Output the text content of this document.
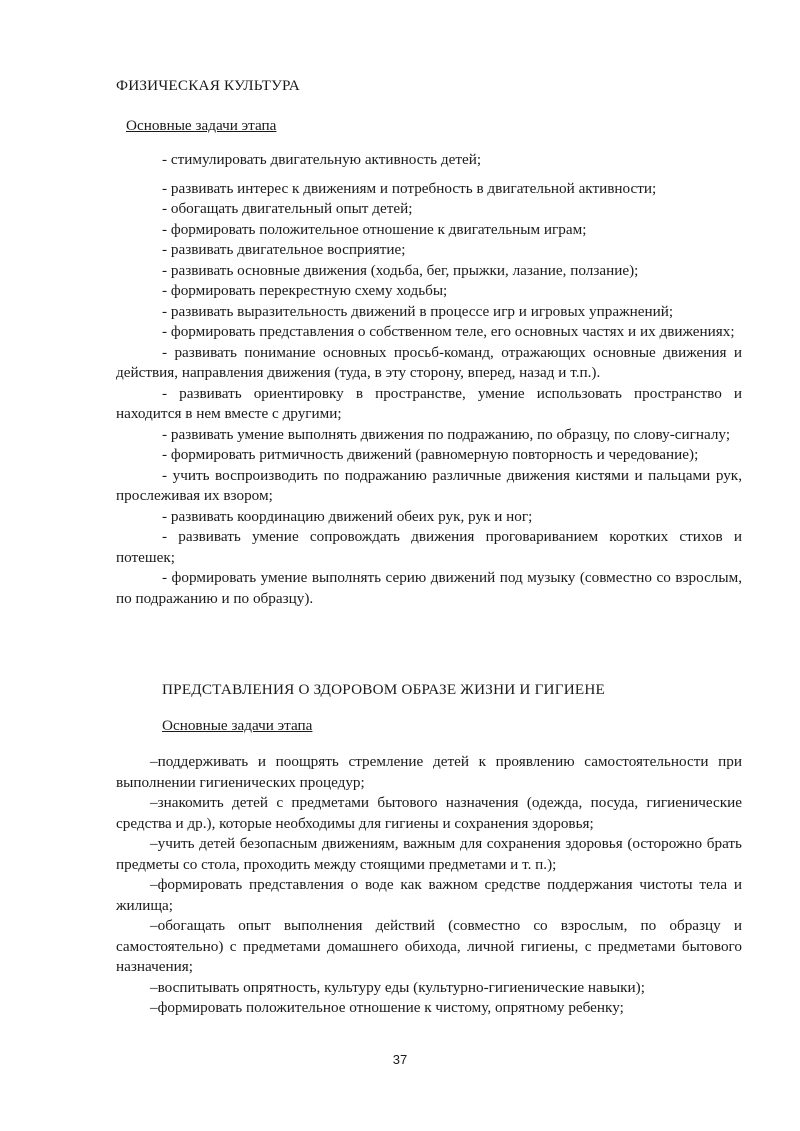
ФИЗИЧЕСКАЯ КУЛЬТУРА
Основные задачи этапа

- стимулировать двигательную активность детей;

- развивать интерес к движениям и потребность в двигательной активности;

- обогащать двигательный опыт детей;

- формировать положительное отношение к двигательным играм;

- развивать двигательное восприятие;

- развивать основные движения (ходьба, бег, прыжки, лазание, ползание);

- формировать перекрестную схему ходьбы;

- развивать выразительность движений в процессе игр и игровых упражнений;

- формировать представления о собственном теле, его основных частях и их движениях;

- развивать понимание основных просьб-команд, отражающих основные движения и действия, направления движения (туда, в эту сторону, вперед, назад и т.п.).

- развивать ориентировку в пространстве, умение использовать пространство и находится в нем вместе с другими;

- развивать умение выполнять движения по подражанию, по образцу, по слову-сигналу;

- формировать ритмичность движений (равномерную повторность и чередование);

- учить воспроизводить по подражанию различные движения кистями и пальцами рук, прослеживая их взором;

- развивать координацию движений обеих рук, рук и ног;

- развивать умение сопровождать движения проговариванием коротких стихов и потешек;

- формировать умение выполнять серию движений под музыку (совместно со взрослым, по подражанию и по образцу).

ПРЕДСТАВЛЕНИЯ О ЗДОРОВОМ ОБРАЗЕ ЖИЗНИ И ГИГИЕНЕ
Основные задачи этапа

–поддерживать и поощрять стремление детей к проявлению самостоятельности при выполнении гигиенических процедур;

–знакомить детей с предметами бытового назначения (одежда, посуда, гигиенические средства и др.), которые необходимы для гигиены и сохранения здоровья;

–учить детей безопасным движениям, важным для сохранения здоровья (осторожно брать предметы со стола, проходить между стоящими предметами и т. п.);

–формировать представления о воде как важном средстве поддержания чистоты тела и жилища;

–обогащать опыт выполнения действий (совместно со взрослым, по образцу и самостоятельно) с предметами домашнего обихода, личной гигиены, с предметами бытового назначения;

–воспитывать опрятность, культуру еды (культурно-гигиенические навыки);

–формировать положительное отношение к чистому, опрятному ребенку;

37
